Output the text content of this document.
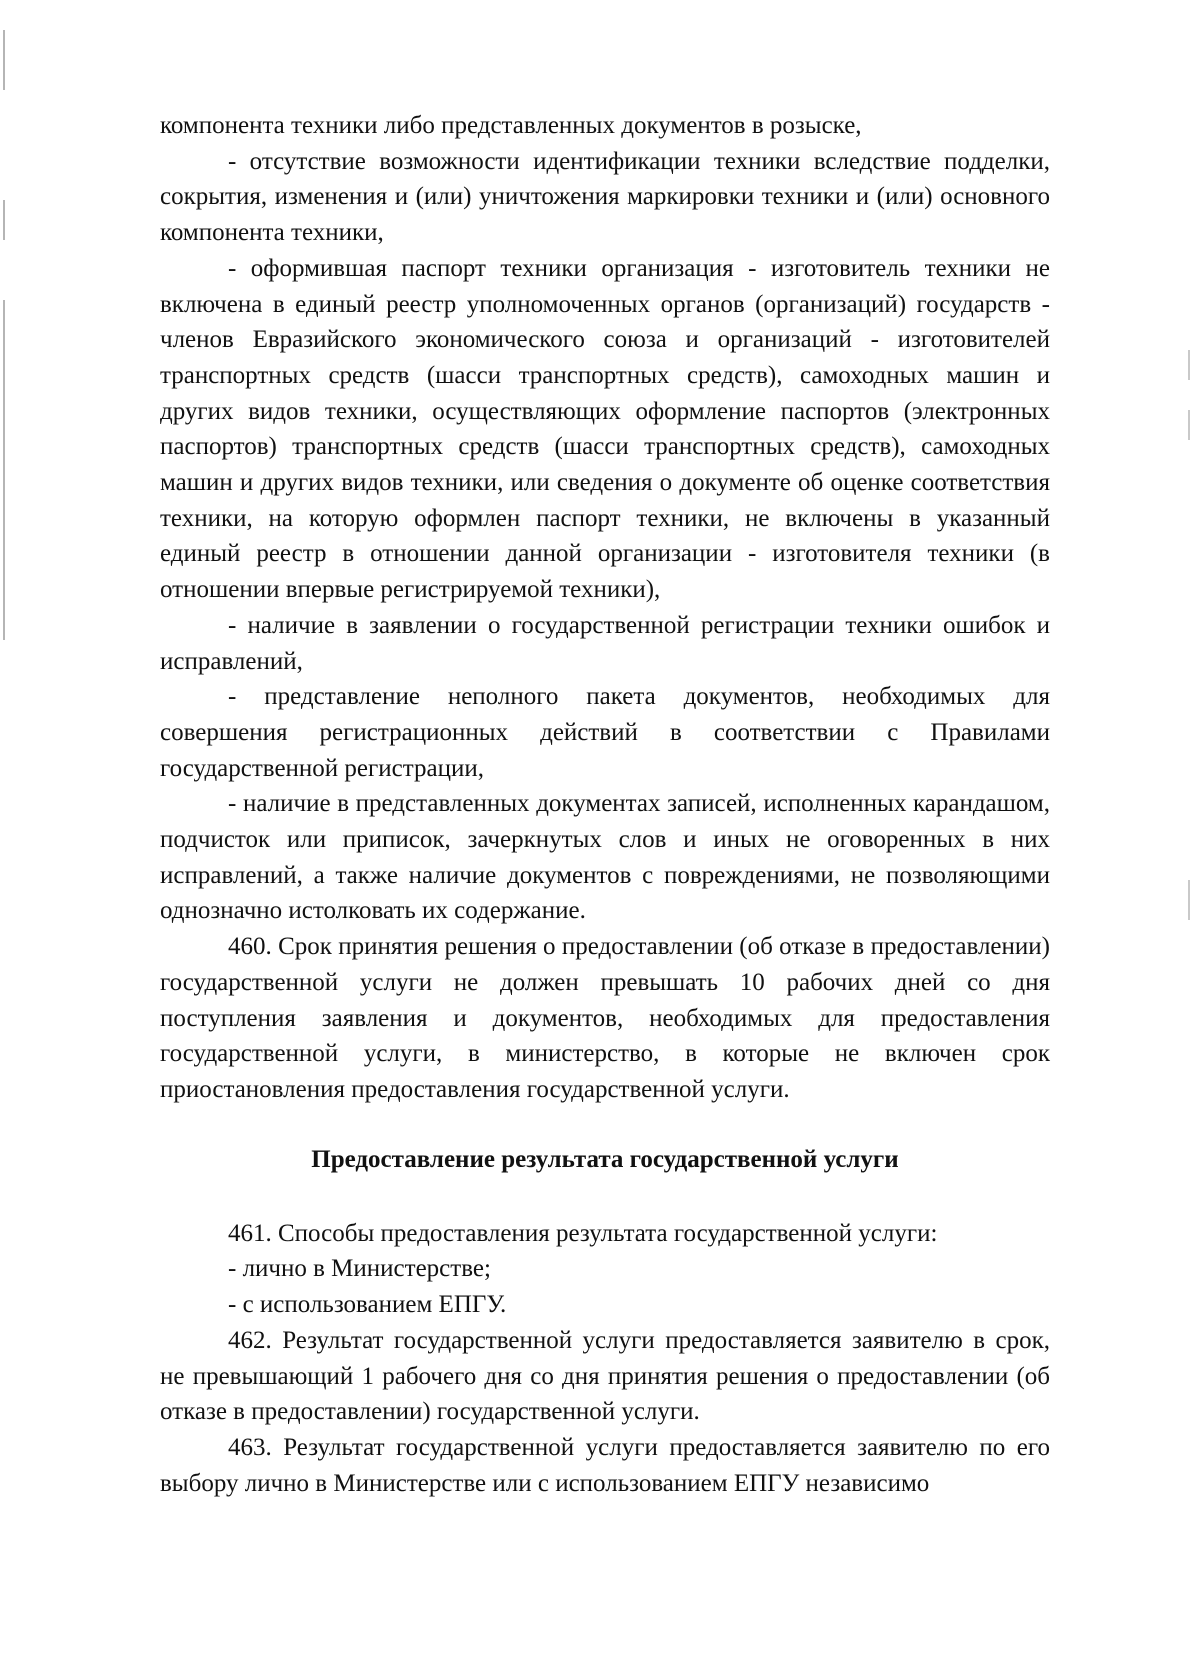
компонента техники либо представленных документов в розыске,

- отсутствие возможности идентификации техники вследствие подделки, сокрытия, изменения и (или) уничтожения маркировки техники и (или) основного компонента техники,

- оформившая паспорт техники организация - изготовитель техники не включена в единый реестр уполномоченных органов (организаций) государств - членов Евразийского экономического союза и организаций - изготовителей транспортных средств (шасси транспортных средств), самоходных машин и других видов техники, осуществляющих оформление паспортов (электронных паспортов) транспортных средств (шасси транспортных средств), самоходных машин и других видов техники, или сведения о документе об оценке соответствия техники, на которую оформлен паспорт техники, не включены в указанный единый реестр в отношении данной организации - изготовителя техники (в отношении впервые регистрируемой техники),

- наличие в заявлении о государственной регистрации техники ошибок и исправлений,

- представление неполного пакета документов, необходимых для совершения регистрационных действий в соответствии с Правилами государственной регистрации,

- наличие в представленных документах записей, исполненных карандашом, подчисток или приписок, зачеркнутых слов и иных не оговоренных в них исправлений, а также наличие документов с повреждениями, не позволяющими однозначно истолковать их содержание.

460. Срок принятия решения о предоставлении (об отказе в предоставлении) государственной услуги не должен превышать 10 рабочих дней со дня поступления заявления и документов, необходимых для предоставления государственной услуги, в министерство, в которые не включен срок приостановления предоставления государственной услуги.

Предоставление результата государственной услуги

461. Способы предоставления результата государственной услуги:

- лично в Министерстве;

- с использованием ЕПГУ.

462. Результат государственной услуги предоставляется заявителю в срок, не превышающий 1 рабочего дня со дня принятия решения о предоставлении (об отказе в предоставлении) государственной услуги.

463. Результат государственной услуги предоставляется заявителю по его выбору лично в Министерстве или с использованием ЕПГУ независимо
